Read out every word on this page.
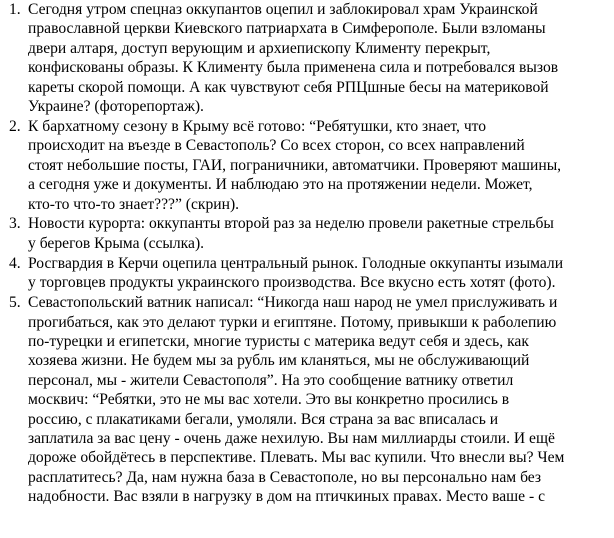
1. Сегодня утром спецназ оккупантов оцепил и заблокировал храм Украинской
православной церкви Киевского патриархата в Симферополе. Были взломаны
двери алтаря, доступ верующим и архиепископу Клименту перекрыт,
конфискованы образы. К Клименту была применена сила и потребовался вызов
кареты скорой помощи. А как чувствуют себя РПЦшные бесы на материковой
Украине? (фоторепортаж).
2. К бархатному сезону в Крыму всё готово: “Ребятушки, кто знает, что
происходит на въезде в Севастополь? Со всех сторон, со всех направлений
стоят небольшие посты, ГАИ, пограничники, автоматчики. Проверяют машины,
а сегодня уже и документы. И наблюдаю это на протяжении недели. Может,
кто-то что-то знает???” (скрин).
3. Новости курорта: оккупанты второй раз за неделю провели ракетные стрельбы
у берегов Крыма (ссылка).
4. Росгвардия в Керчи оцепила центральный рынок. Голодные оккупанты изымали
у торговцев продукты украинского производства. Все вкусно есть хотят (фото).
5. Севастопольский ватник написал: “Никогда наш народ не умел прислуживать и
прогибаться, как это делают турки и египтяне. Потому, привыкши к раболепию
по-турецки и египетски, многие туристы с материка ведут себя и здесь, как
хозяева жизни. Не будем мы за рубль им кланяться, мы не обслуживающий
персонал, мы - жители Севастополя”. На это сообщение ватнику ответил
москвич: “Ребятки, это не мы вас хотели. Это вы конкретно просились в
россию, с плакатиками бегали, умоляли. Вся страна за вас вписалась и
заплатила за вас цену - очень даже нехилую. Вы нам миллиарды стоили. И ещё
дороже обойдётесь в перспективе. Плевать. Мы вас купили. Что внесли вы? Чем
расплатитесь? Да, нам нужна база в Севастополе, но вы персонально нам без
надобности. Вас взяли в нагрузку в дом на птичкиных правах. Место ваше - с
